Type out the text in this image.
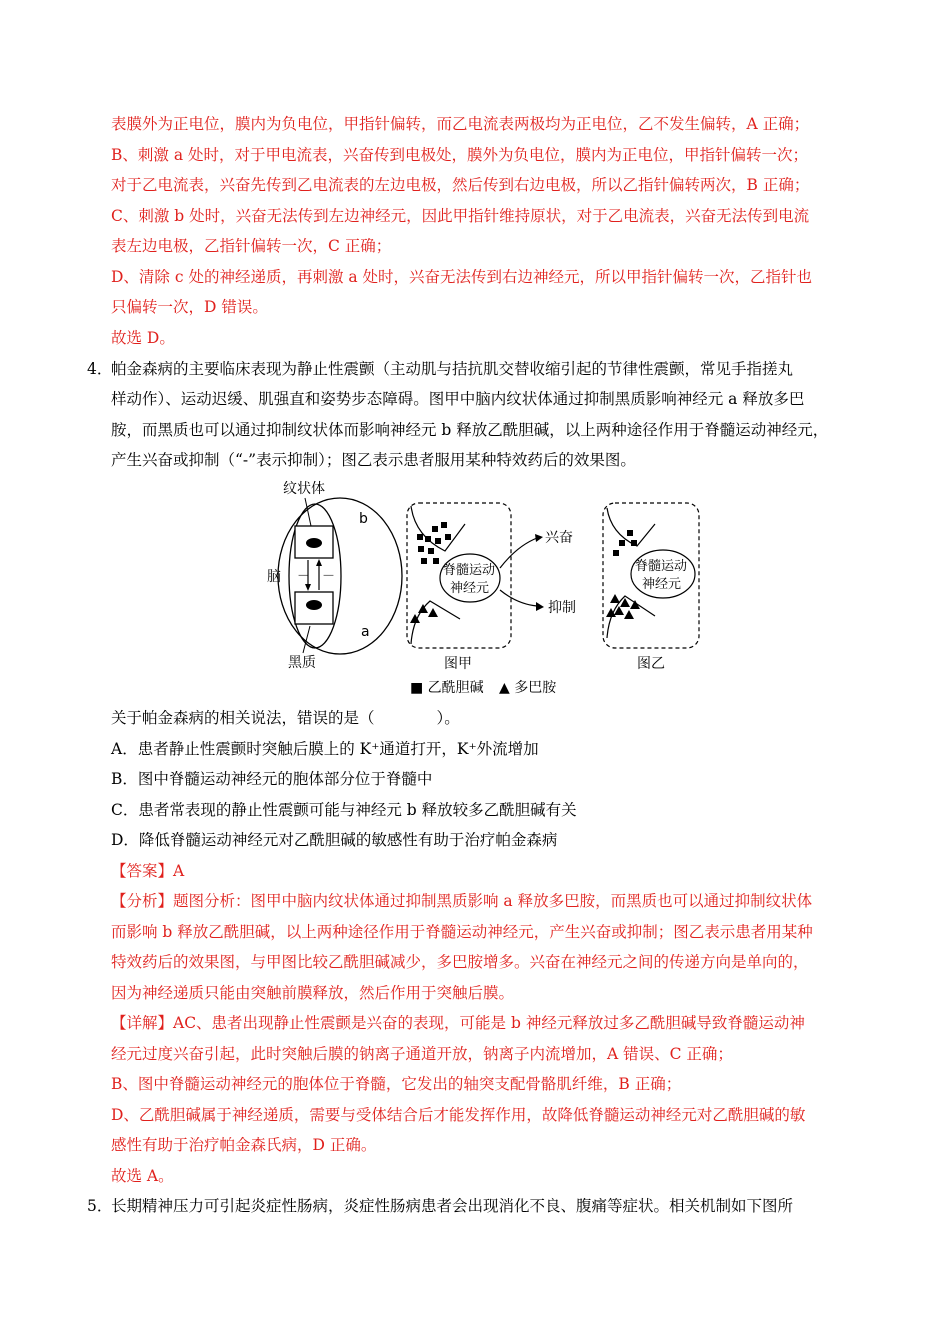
表膜外为正电位，膜内为负电位，甲指针偏转，而乙电流表两极均为正电位，乙不发生偏转，A 正确；
B、刺激 a 处时，对于甲电流表，兴奋传到电极处，膜外为负电位，膜内为正电位，甲指针偏转一次；
对于乙电流表，兴奋先传到乙电流表的左边电极，然后传到右边电极，所以乙指针偏转两次，B 正确；
C、刺激 b 处时，兴奋无法传到左边神经元，因此甲指针维持原状，对于乙电流表，兴奋无法传到电流
表左边电极，乙指针偏转一次，C 正确；
D、清除 c 处的神经递质，再刺激 a 处时，兴奋无法传到右边神经元，所以甲指针偏转一次，乙指针也
只偏转一次，D 错误。
故选 D。
4．
帕金森病的主要临床表现为静止性震颤（主动肌与拮抗肌交替收缩引起的节律性震颤，常见手指搓丸
样动作）、运动迟缓、肌强直和姿势步态障碍。图甲中脑内纹状体通过抑制黑质影响神经元 a 释放多巴
胺，而黑质也可以通过抑制纹状体而影响神经元 b 释放乙酰胆碱，以上两种途径作用于脊髓运动神经元，
产生兴奋或抑制（“-”表示抑制）；图乙表示患者服用某种特效药后的效果图。
－ －
纹状体
脑
黑质
b
a
脊髓运动
神经元
兴奋
抑制
图甲
脊髓运动
神经元
图乙
■ 乙酰胆碱 ▲ 多巴胺
关于帕金森病的相关说法，错误的是（　　　　）。
A．患者静止性震颤时突触后膜上的 K⁺通道打开，K⁺外流增加
B．图中脊髓运动神经元的胞体部分位于脊髓中
C．患者常表现的静止性震颤可能与神经元 b 释放较多乙酰胆碱有关
D．降低脊髓运动神经元对乙酰胆碱的敏感性有助于治疗帕金森病
【答案】A
【分析】题图分析：图甲中脑内纹状体通过抑制黑质影响 a 释放多巴胺，而黑质也可以通过抑制纹状体
而影响 b 释放乙酰胆碱，以上两种途径作用于脊髓运动神经元，产生兴奋或抑制；图乙表示患者用某种
特效药后的效果图，与甲图比较乙酰胆碱减少，多巴胺增多。兴奋在神经元之间的传递方向是单向的，
因为神经递质只能由突触前膜释放，然后作用于突触后膜。
【详解】AC、患者出现静止性震颤是兴奋的表现，可能是 b 神经元释放过多乙酰胆碱导致脊髓运动神
经元过度兴奋引起，此时突触后膜的钠离子通道开放，钠离子内流增加，A 错误、C 正确；
B、图中脊髓运动神经元的胞体位于脊髓，它发出的轴突支配骨骼肌纤维，B 正确；
D、乙酰胆碱属于神经递质，需要与受体结合后才能发挥作用，故降低脊髓运动神经元对乙酰胆碱的敏
感性有助于治疗帕金森氏病，D 正确。
故选 A。
5．
长期精神压力可引起炎症性肠病，炎症性肠病患者会出现消化不良、腹痛等症状。相关机制如下图所
